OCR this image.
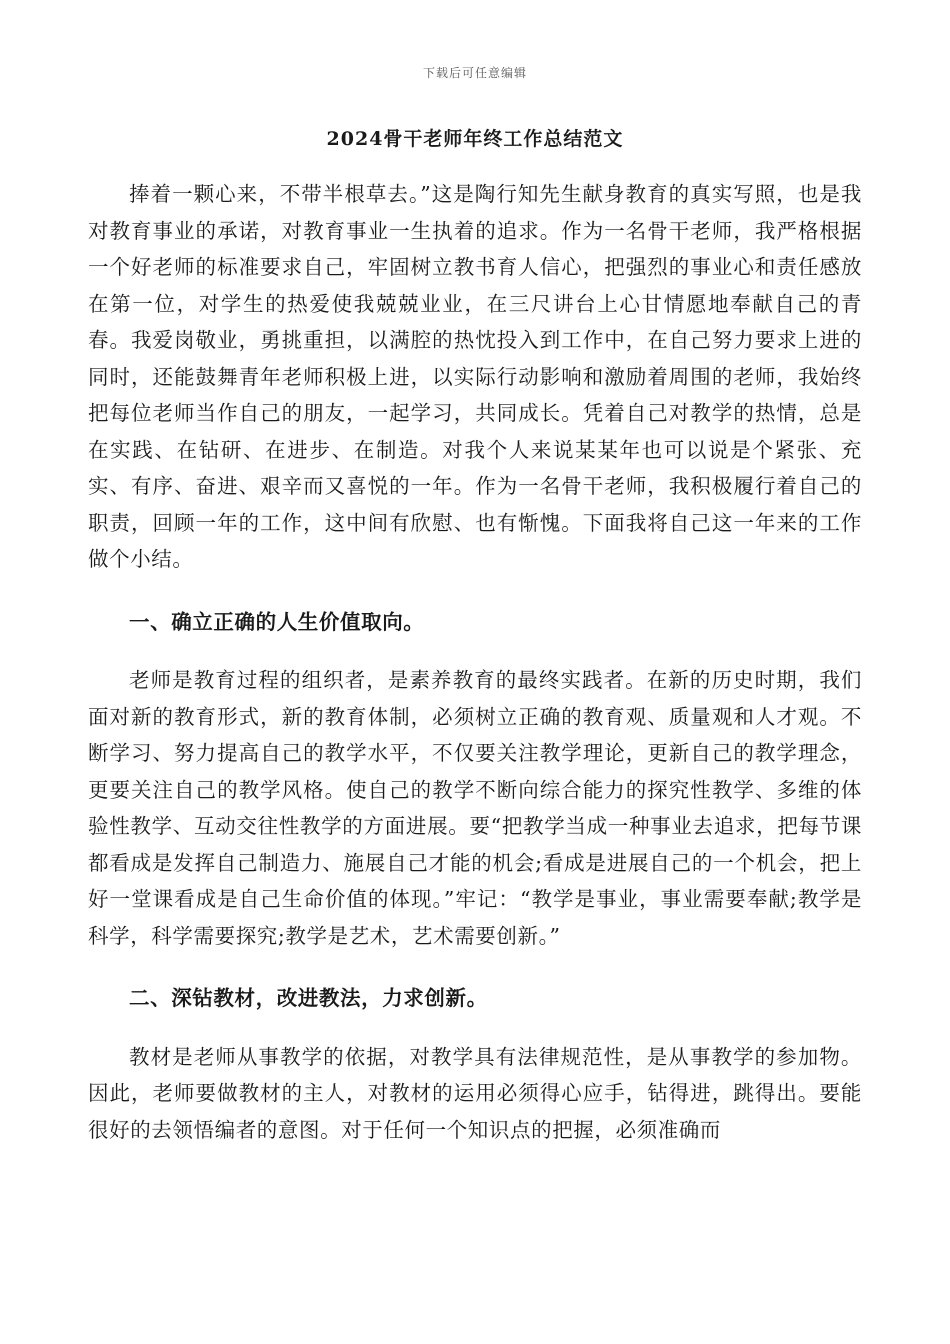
下载后可任意编辑
2024骨干老师年终工作总结范文

捧着一颗心来，不带半根草去。”这是陶行知先生献身教育的真实写照，也是我对教育事业的承诺，对教育事业一生执着的追求。作为一名骨干老师，我严格根据一个好老师的标准要求自己，牢固树立教书育人信心，把强烈的事业心和责任感放在第一位，对学生的热爱使我兢兢业业，在三尺讲台上心甘情愿地奉献自己的青春。我爱岗敬业，勇挑重担，以满腔的热忱投入到工作中，在自己努力要求上进的同时，还能鼓舞青年老师积极上进，以实际行动影响和激励着周围的老师，我始终把每位老师当作自己的朋友，一起学习，共同成长。凭着自己对教学的热情，总是在实践、在钻研、在进步、在制造。对我个人来说某某年也可以说是个紧张、充实、有序、奋进、艰辛而又喜悦的一年。作为一名骨干老师，我积极履行着自己的职责，回顾一年的工作，这中间有欣慰、也有惭愧。下面我将自己这一年来的工作做个小结。

一、确立正确的人生价值取向。

老师是教育过程的组织者，是素养教育的最终实践者。在新的历史时期，我们面对新的教育形式，新的教育体制，必须树立正确的教育观、质量观和人才观。不断学习、努力提高自己的教学水平，不仅要关注教学理论，更新自己的教学理念，更要关注自己的教学风格。使自己的教学不断向综合能力的探究性教学、多维的体验性教学、互动交往性教学的方面进展。要“把教学当成一种事业去追求，把每节课都看成是发挥自己制造力、施展自己才能的机会;看成是进展自己的一个机会，把上好一堂课看成是自己生命价值的体现。”牢记：“教学是事业，事业需要奉献;教学是科学，科学需要探究;教学是艺术，艺术需要创新。”

二、深钻教材，改进教法，力求创新。

教材是老师从事教学的依据，对教学具有法律规范性，是从事教学的参加物。因此，老师要做教材的主人，对教材的运用必须得心应手，钻得进，跳得出。要能很好的去领悟编者的意图。对于任何一个知识点的把握，必须准确而
